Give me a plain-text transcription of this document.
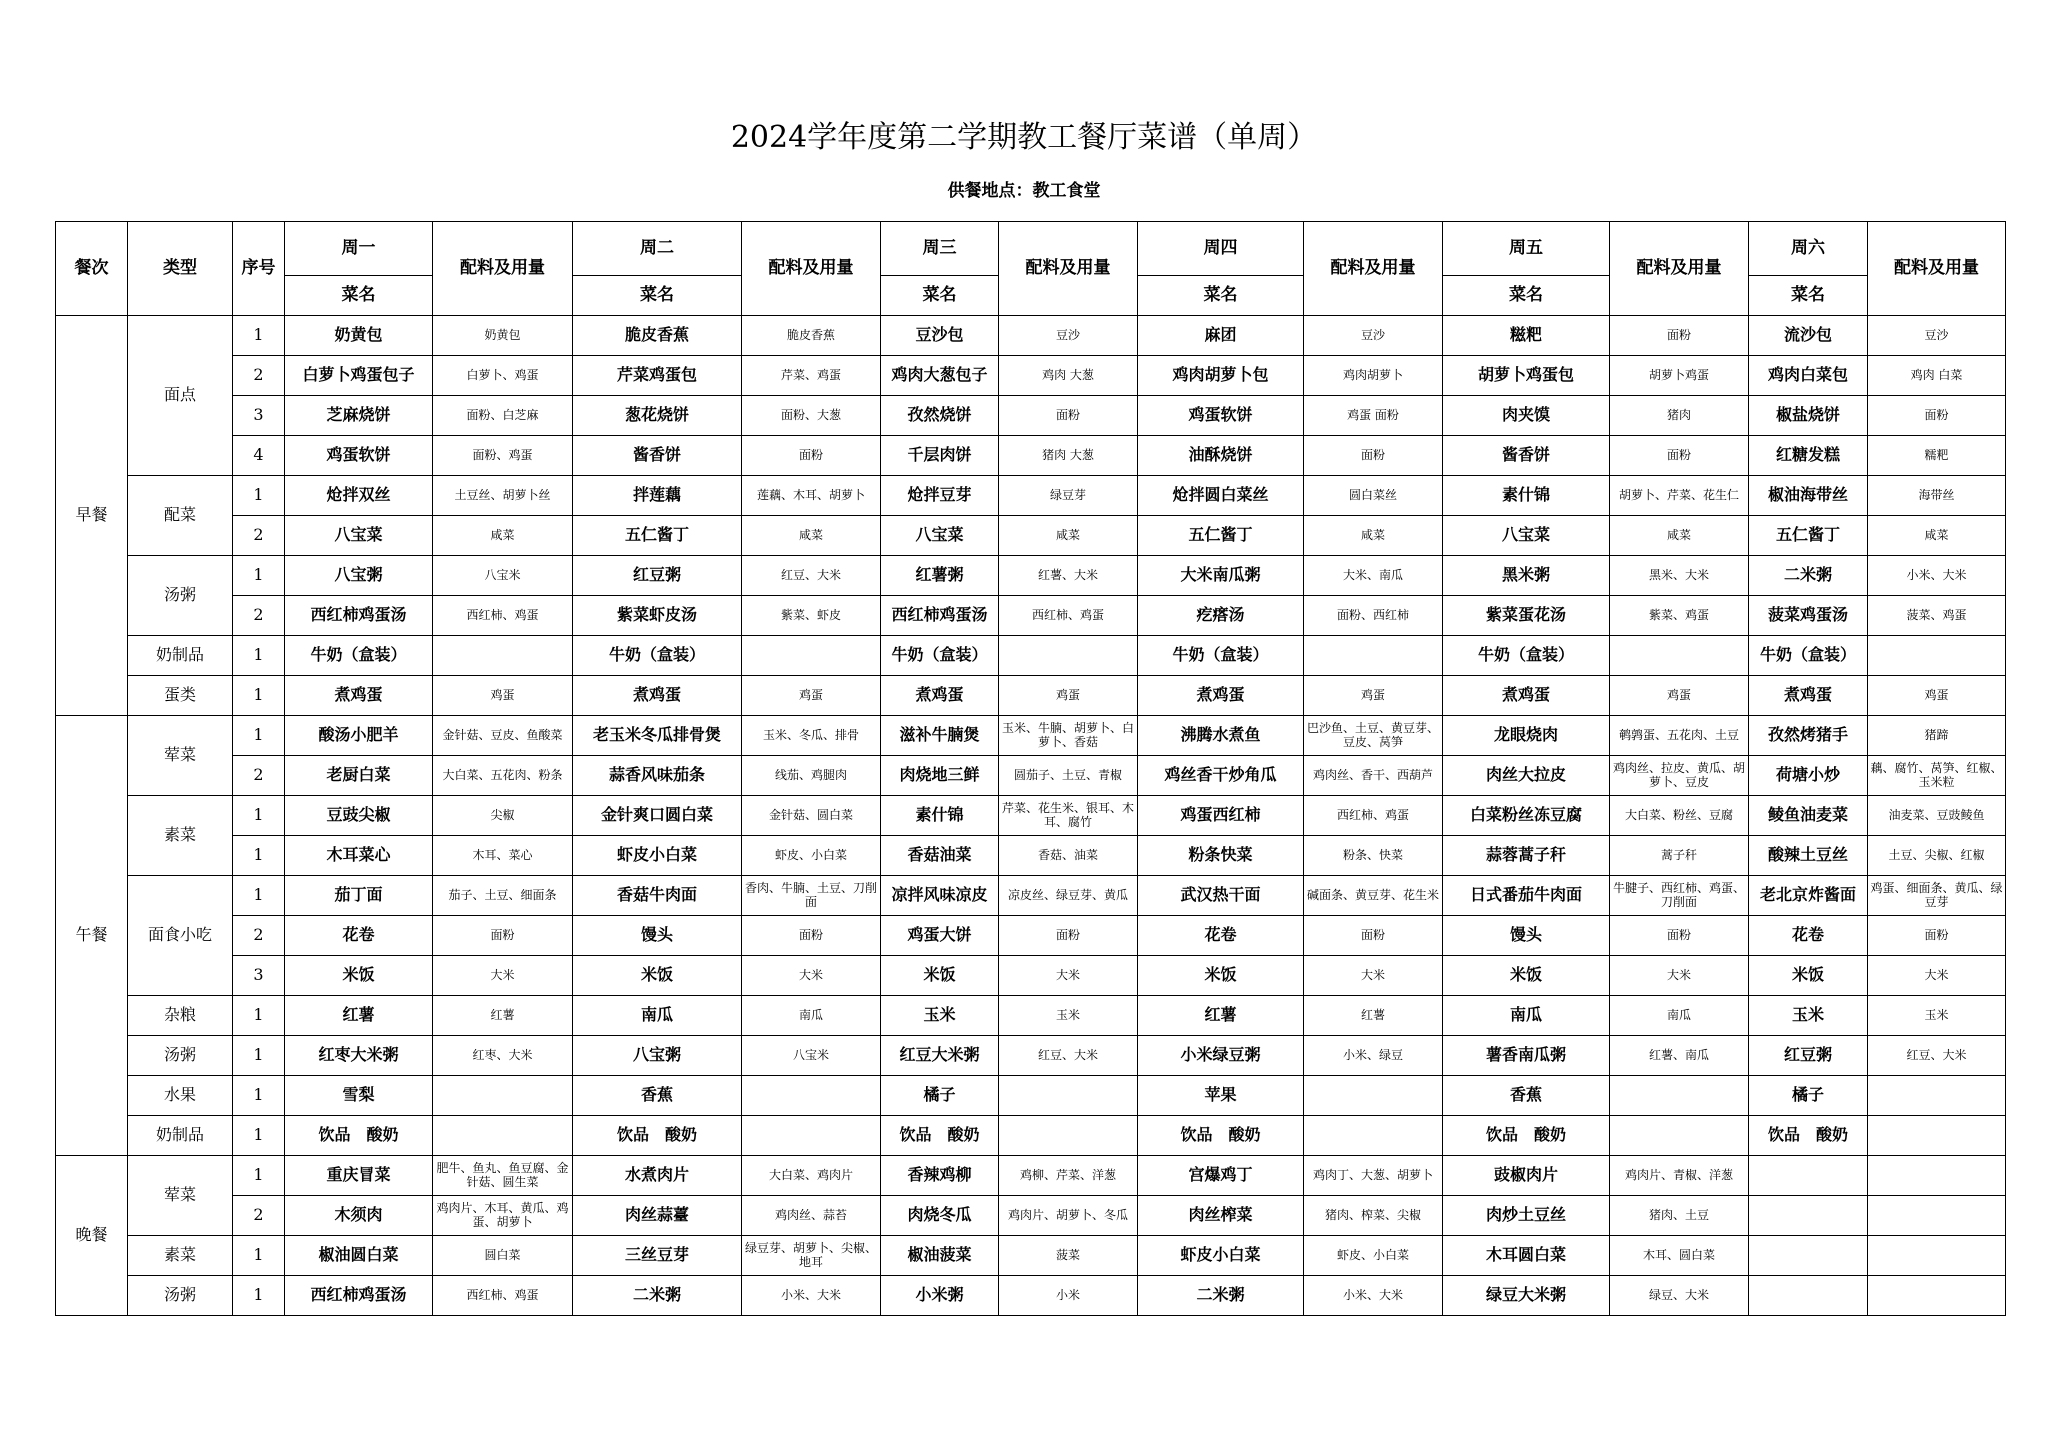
2024学年度第二学期教工餐厅菜谱（单周）
供餐地点：教工食堂
餐次	类型	序号	周一	配料及用量	周二	配料及用量	周三	配料及用量	周四	配料及用量	周五	配料及用量	周六	配料及用量
			菜名		菜名		菜名		菜名		菜名		菜名	
早餐	面点	1	奶黄包	奶黄包	脆皮香蕉	脆皮香蕉	豆沙包	豆沙	麻团	豆沙	糍粑	面粉	流沙包	豆沙
		2	白萝卜鸡蛋包子	白萝卜、鸡蛋	芹菜鸡蛋包	芹菜、鸡蛋	鸡肉大葱包子	鸡肉 大葱	鸡肉胡萝卜包	鸡肉胡萝卜	胡萝卜鸡蛋包	胡萝卜鸡蛋	鸡肉白菜包	鸡肉 白菜
		3	芝麻烧饼	面粉、白芝麻	葱花烧饼	面粉、大葱	孜然烧饼	面粉	鸡蛋软饼	鸡蛋 面粉	肉夹馍	猪肉	椒盐烧饼	面粉
		4	鸡蛋软饼	面粉、鸡蛋	酱香饼	面粉	千层肉饼	猪肉 大葱	油酥烧饼	面粉	酱香饼	面粉	红糖发糕	糯粑
	配菜	1	炝拌双丝	土豆丝、胡萝卜丝	拌莲藕	莲藕、木耳、胡萝卜	炝拌豆芽	绿豆芽	炝拌圆白菜丝	圆白菜丝	素什锦	胡萝卜、芹菜、花生仁	椒油海带丝	海带丝
		2	八宝菜	咸菜	五仁酱丁	咸菜	八宝菜	咸菜	五仁酱丁	咸菜	八宝菜	咸菜	五仁酱丁	咸菜
	汤粥	1	八宝粥	八宝米	红豆粥	红豆、大米	红薯粥	红薯、大米	大米南瓜粥	大米、南瓜	黑米粥	黑米、大米	二米粥	小米、大米
		2	西红柿鸡蛋汤	西红柿、鸡蛋	紫菜虾皮汤	紫菜、虾皮	西红柿鸡蛋汤	西红柿、鸡蛋	疙瘩汤	面粉、西红柿	紫菜蛋花汤	紫菜、鸡蛋	菠菜鸡蛋汤	菠菜、鸡蛋
	奶制品	1	牛奶（盒装）		牛奶（盒装）		牛奶（盒装）		牛奶（盒装）		牛奶（盒装）		牛奶（盒装）	
	蛋类	1	煮鸡蛋	鸡蛋	煮鸡蛋	鸡蛋	煮鸡蛋	鸡蛋	煮鸡蛋	鸡蛋	煮鸡蛋	鸡蛋	煮鸡蛋	鸡蛋
午餐	荤菜	1	酸汤小肥羊	金针菇、豆皮、鱼酸菜	老玉米冬瓜排骨煲	玉米、冬瓜、排骨	滋补牛腩煲	玉米、牛腩、胡萝卜、白萝卜、香菇	沸腾水煮鱼	巴沙鱼、土豆、黄豆芽、豆皮、莴笋	龙眼烧肉	鹌鹑蛋、五花肉、土豆	孜然烤猪手	猪蹄
		2	老厨白菜	大白菜、五花肉、粉条	蒜香风味茄条	线茄、鸡腿肉	肉烧地三鲜	圆茄子、土豆、青椒	鸡丝香干炒角瓜	鸡肉丝、香干、西葫芦	肉丝大拉皮	鸡肉丝、拉皮、黄瓜、胡萝卜、豆皮	荷塘小炒	藕、腐竹、莴笋、红椒、玉米粒
	素菜	1	豆豉尖椒	尖椒	金针爽口圆白菜	金针菇、圆白菜	素什锦	芹菜、花生米、银耳、木耳、腐竹	鸡蛋西红柿	西红柿、鸡蛋	白菜粉丝冻豆腐	大白菜、粉丝、豆腐	鲮鱼油麦菜	油麦菜、豆豉鲮鱼
		1	木耳菜心	木耳、菜心	虾皮小白菜	虾皮、小白菜	香菇油菜	香菇、油菜	粉条快菜	粉条、快菜	蒜蓉蒿子秆	蒿子秆	酸辣土豆丝	土豆、尖椒、红椒
	面食小吃	1	茄丁面	茄子、土豆、细面条	香菇牛肉面	香肉、牛腩、土豆、刀削面	凉拌风味凉皮	凉皮丝、绿豆芽、黄瓜	武汉热干面	碱面条、黄豆芽、花生米	日式番茄牛肉面	牛腱子、西红柿、鸡蛋、刀削面	老北京炸酱面	鸡蛋、细面条、黄瓜、绿豆芽
		2	花卷	面粉	馒头	面粉	鸡蛋大饼	面粉	花卷	面粉	馒头	面粉	花卷	面粉
		3	米饭	大米	米饭	大米	米饭	大米	米饭	大米	米饭	大米	米饭	大米
	杂粮	1	红薯	红薯	南瓜	南瓜	玉米	玉米	红薯	红薯	南瓜	南瓜	玉米	玉米
	汤粥	1	红枣大米粥	红枣、大米	八宝粥	八宝米	红豆大米粥	红豆、大米	小米绿豆粥	小米、绿豆	薯香南瓜粥	红薯、南瓜	红豆粥	红豆、大米
	水果	1	雪梨		香蕉		橘子		苹果		香蕉		橘子	
	奶制品	1	饮品　酸奶		饮品　酸奶		饮品　酸奶		饮品　酸奶		饮品　酸奶		饮品　酸奶	
晚餐	荤菜	1	重庆冒菜	肥牛、鱼丸、鱼豆腐、金针菇、圆生菜	水煮肉片	大白菜、鸡肉片	香辣鸡柳	鸡柳、芹菜、洋葱	宫爆鸡丁	鸡肉丁、大葱、胡萝卜	豉椒肉片	鸡肉片、青椒、洋葱		
		2	木须肉	鸡肉片、木耳、黄瓜、鸡蛋、胡萝卜	肉丝蒜薹	鸡肉丝、蒜苔	肉烧冬瓜	鸡肉片、胡萝卜、冬瓜	肉丝榨菜	猪肉、榨菜、尖椒	肉炒土豆丝	猪肉、土豆		
	素菜	1	椒油圆白菜	圆白菜	三丝豆芽	绿豆芽、胡萝卜、尖椒、地耳	椒油菠菜	菠菜	虾皮小白菜	虾皮、小白菜	木耳圆白菜	木耳、圆白菜		
	汤粥	1	西红柿鸡蛋汤	西红柿、鸡蛋	二米粥	小米、大米	小米粥	小米	二米粥	小米、大米	绿豆大米粥	绿豆、大米		
